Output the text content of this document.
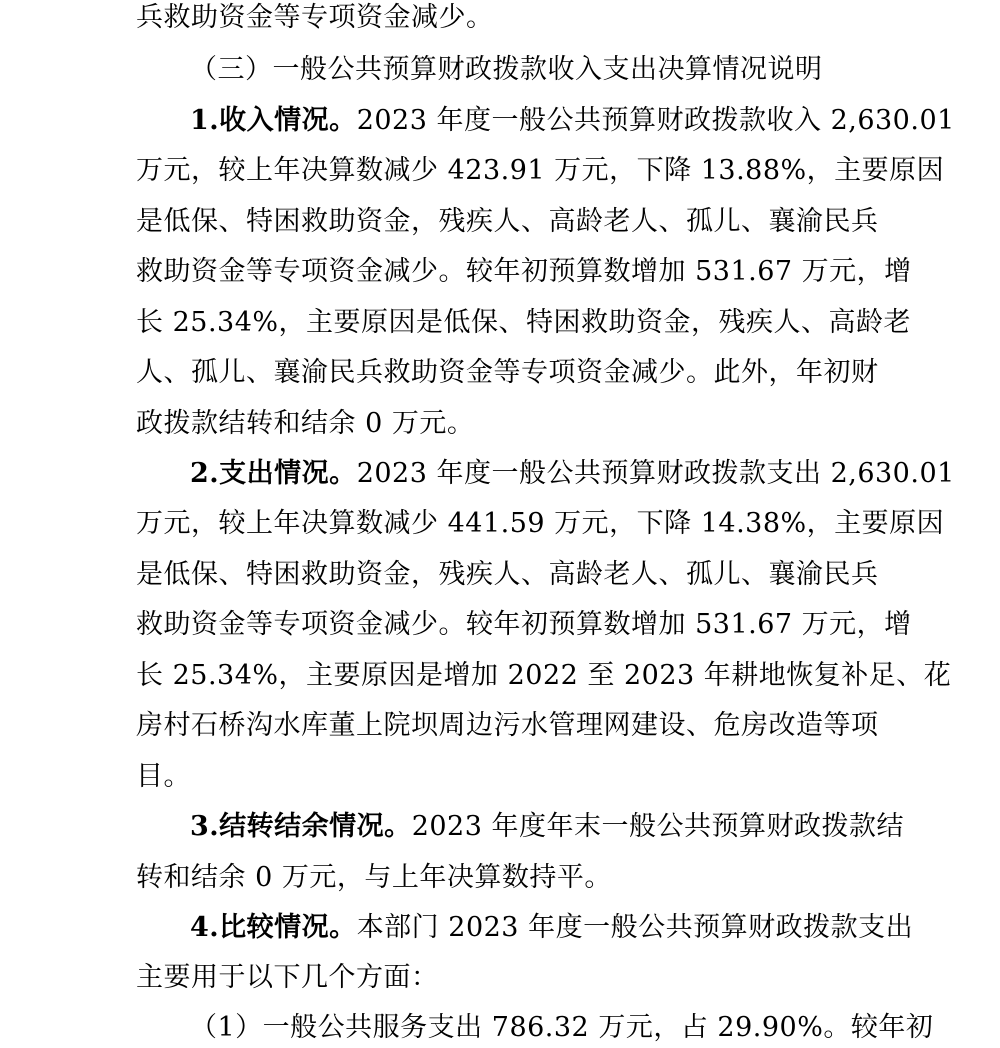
兵救助资金等专项资金减少。
（三）一般公共预算财政拨款收入支出决算情况说明
1.收入情况。2023 年度一般公共预算财政拨款收入 2,630.01
万元，较上年决算数减少 423.91 万元，下降 13.88%，主要原因
是低保、特困救助资金，残疾人、高龄老人、孤儿、襄渝民兵
救助资金等专项资金减少。较年初预算数增加 531.67 万元，增
长 25.34%，主要原因是低保、特困救助资金，残疾人、高龄老
人、孤儿、襄渝民兵救助资金等专项资金减少。此外，年初财
政拨款结转和结余 0 万元。
2.支出情况。2023 年度一般公共预算财政拨款支出 2,630.01
万元，较上年决算数减少 441.59 万元，下降 14.38%，主要原因
是低保、特困救助资金，残疾人、高龄老人、孤儿、襄渝民兵
救助资金等专项资金减少。较年初预算数增加 531.67 万元，增
长 25.34%，主要原因是增加 2022 至 2023 年耕地恢复补足、花
房村石桥沟水库董上院坝周边污水管理网建设、危房改造等项
目。
3.结转结余情况。2023 年度年末一般公共预算财政拨款结
转和结余 0 万元，与上年决算数持平。
4.比较情况。本部门 2023 年度一般公共预算财政拨款支出
主要用于以下几个方面：
（1）一般公共服务支出 786.32 万元，占 29.90%。较年初
